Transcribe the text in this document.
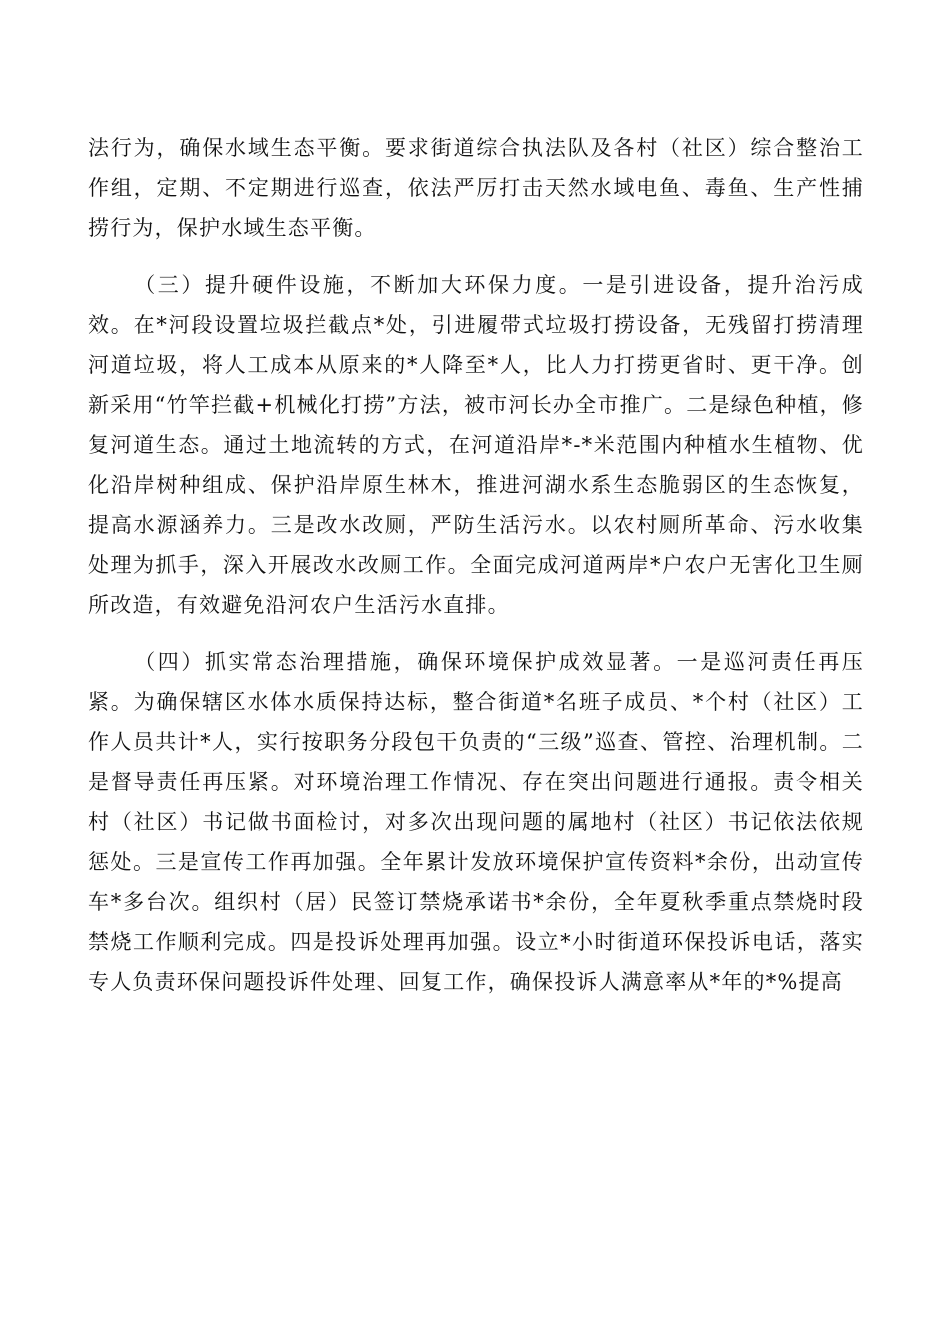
法行为，确保水域生态平衡。要求街道综合执法队及各村（社区）综合整治工作组，定期、不定期进行巡查，依法严厉打击天然水域电鱼、毒鱼、生产性捕捞行为，保护水域生态平衡。

（三）提升硬件设施，不断加大环保力度。一是引进设备，提升治污成效。在*河段设置垃圾拦截点*处，引进履带式垃圾打捞设备，无残留打捞清理河道垃圾，将人工成本从原来的*人降至*人，比人力打捞更省时、更干净。创新采用“竹竿拦截+机械化打捞”方法，被市河长办全市推广。二是绿色种植，修复河道生态。通过土地流转的方式，在河道沿岸*-*米范围内种植水生植物、优化沿岸树种组成、保护沿岸原生林木，推进河湖水系生态脆弱区的生态恢复，提高水源涵养力。三是改水改厕，严防生活污水。以农村厕所革命、污水收集处理为抓手，深入开展改水改厕工作。全面完成河道两岸*户农户无害化卫生厕所改造，有效避免沿河农户生活污水直排。

（四）抓实常态治理措施，确保环境保护成效显著。一是巡河责任再压紧。为确保辖区水体水质保持达标，整合街道*名班子成员、*个村（社区）工作人员共计*人，实行按职务分段包干负责的“三级”巡查、管控、治理机制。二是督导责任再压紧。对环境治理工作情况、存在突出问题进行通报。责令相关村（社区）书记做书面检讨，对多次出现问题的属地村（社区）书记依法依规惩处。三是宣传工作再加强。全年累计发放环境保护宣传资料*余份，出动宣传车*多台次。组织村（居）民签订禁烧承诺书*余份，全年夏秋季重点禁烧时段禁烧工作顺利完成。四是投诉处理再加强。设立*小时街道环保投诉电话，落实专人负责环保问题投诉件处理、回复工作，确保投诉人满意率从*年的*%提高
